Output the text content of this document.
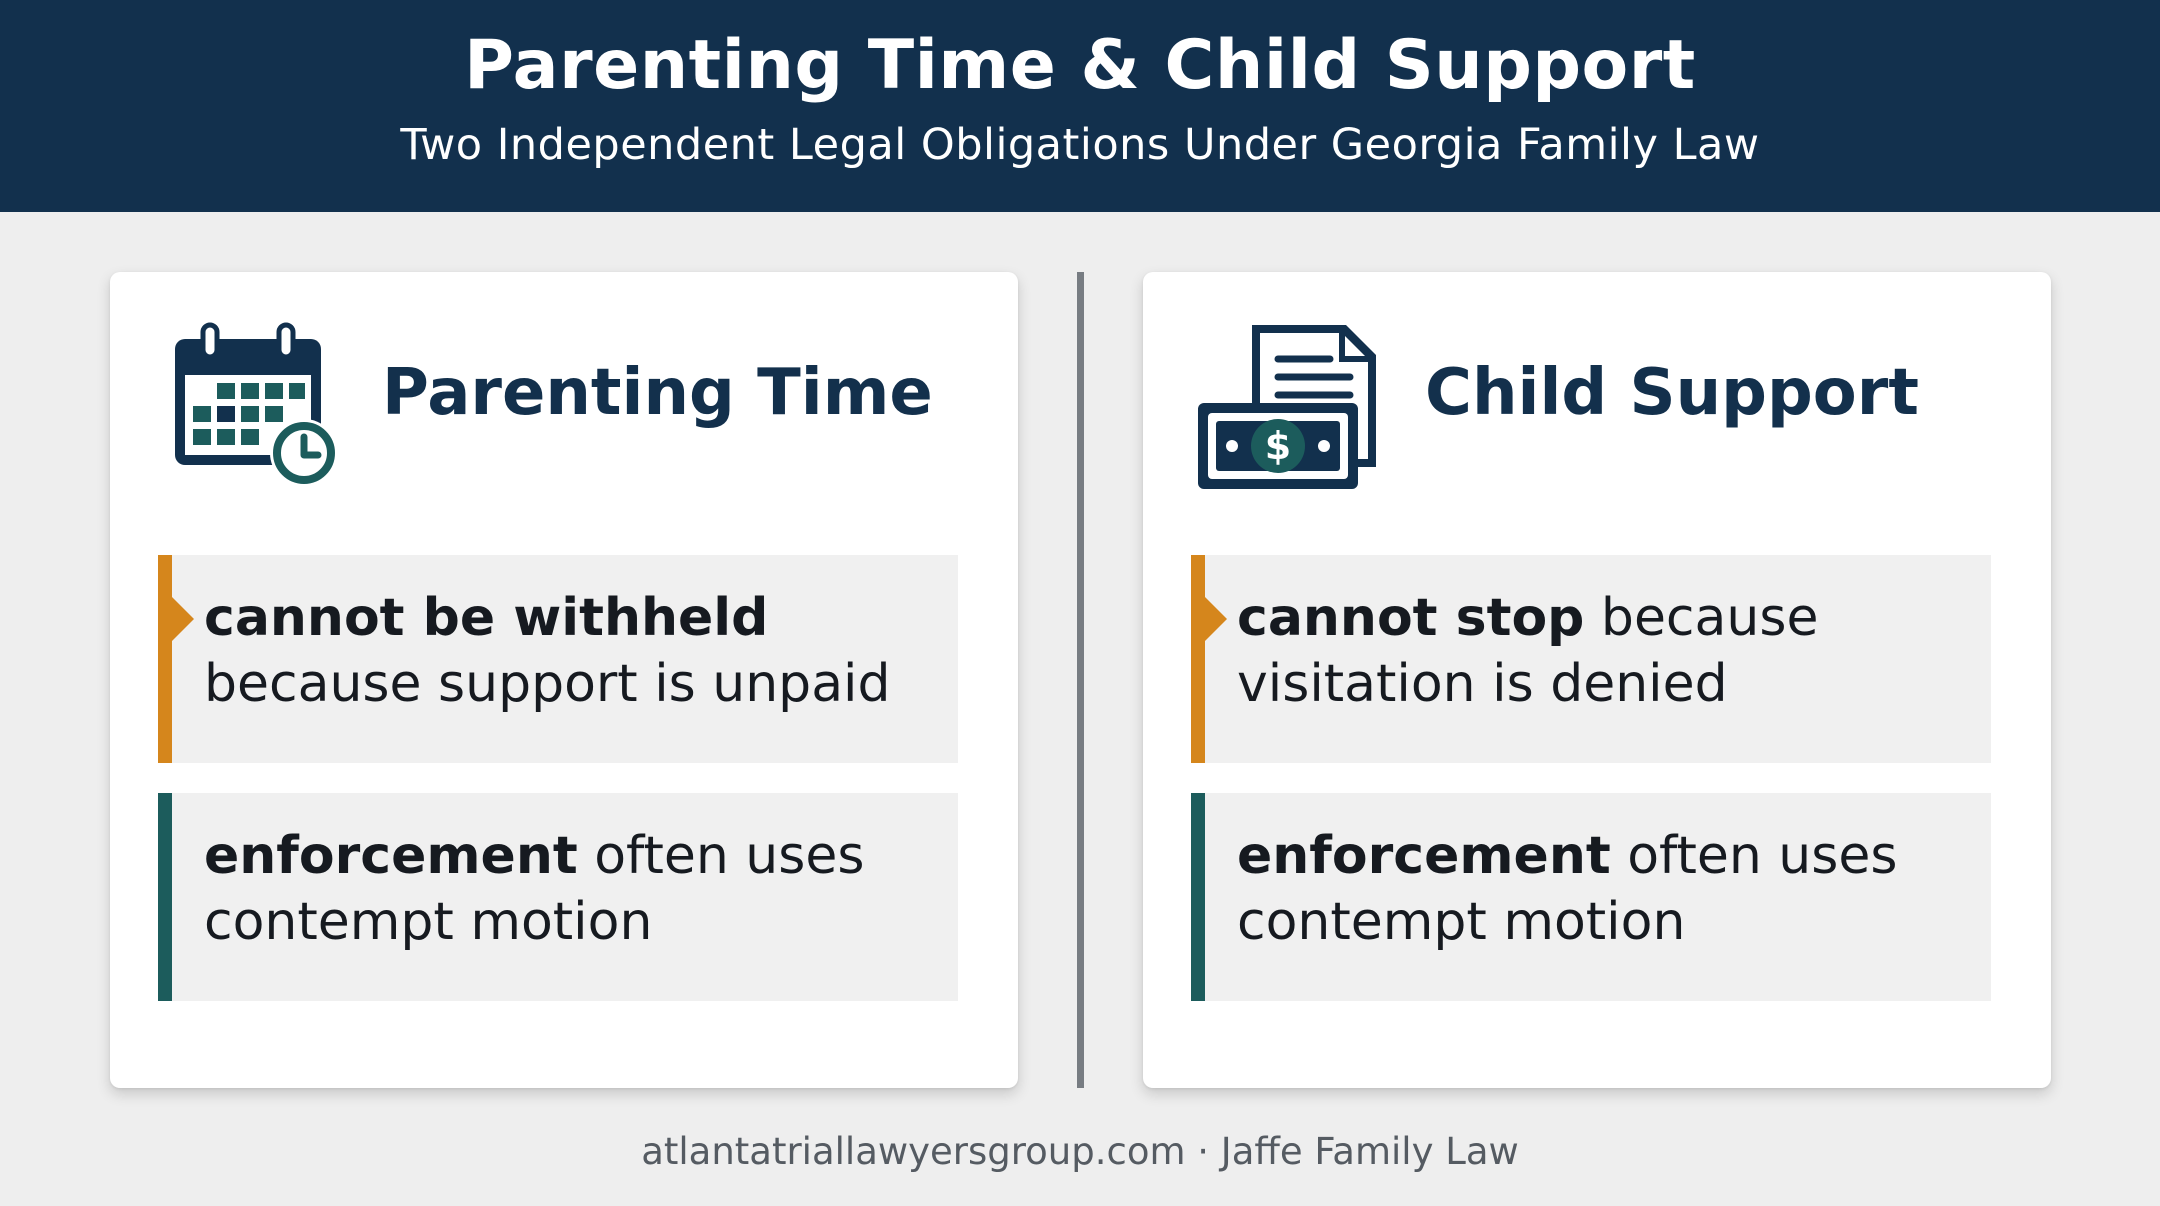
Parenting Time & Child Support
Two Independent Legal Obligations Under Georgia Family Law
Parenting Time
cannot be withheld
because support is unpaid
enforcement often uses
contempt motion
$
Child Support
cannot stop because
visitation is denied
enforcement often uses
contempt motion
atlantatriallawyersgroup.com · Jaffe Family Law
